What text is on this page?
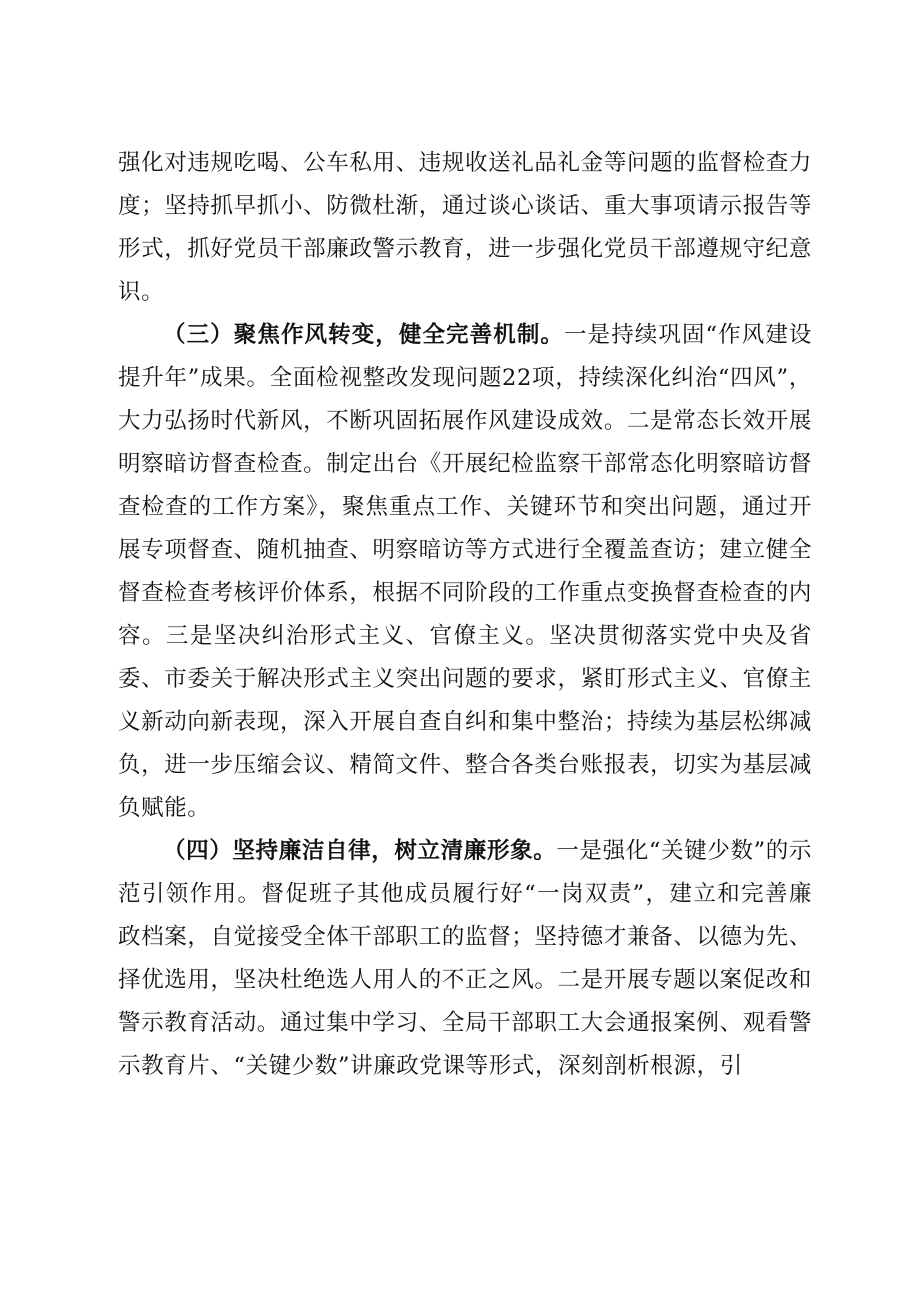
强化对违规吃喝、公车私用、违规收送礼品礼金等问题的监督检查力度；坚持抓早抓小、防微杜渐，通过谈心谈话、重大事项请示报告等形式，抓好党员干部廉政警示教育，进一步强化党员干部遵规守纪意识。

（三）聚焦作风转变，健全完善机制。一是持续巩固“作风建设提升年”成果。全面检视整改发现问题22项，持续深化纠治“四风”，大力弘扬时代新风，不断巩固拓展作风建设成效。二是常态长效开展明察暗访督查检查。制定出台《开展纪检监察干部常态化明察暗访督查检查的工作方案》，聚焦重点工作、关键环节和突出问题，通过开展专项督查、随机抽查、明察暗访等方式进行全覆盖查访；建立健全督查检查考核评价体系，根据不同阶段的工作重点变换督查检查的内容。三是坚决纠治形式主义、官僚主义。坚决贯彻落实党中央及省委、市委关于解决形式主义突出问题的要求，紧盯形式主义、官僚主义新动向新表现，深入开展自查自纠和集中整治；持续为基层松绑减负，进一步压缩会议、精简文件、整合各类台账报表，切实为基层减负赋能。

（四）坚持廉洁自律，树立清廉形象。一是强化“关键少数”的示范引领作用。督促班子其他成员履行好“一岗双责”，建立和完善廉政档案，自觉接受全体干部职工的监督；坚持德才兼备、以德为先、择优选用，坚决杜绝选人用人的不正之风。二是开展专题以案促改和警示教育活动。通过集中学习、全局干部职工大会通报案例、观看警示教育片、“关键少数”讲廉政党课等形式，深刻剖析根源，引
